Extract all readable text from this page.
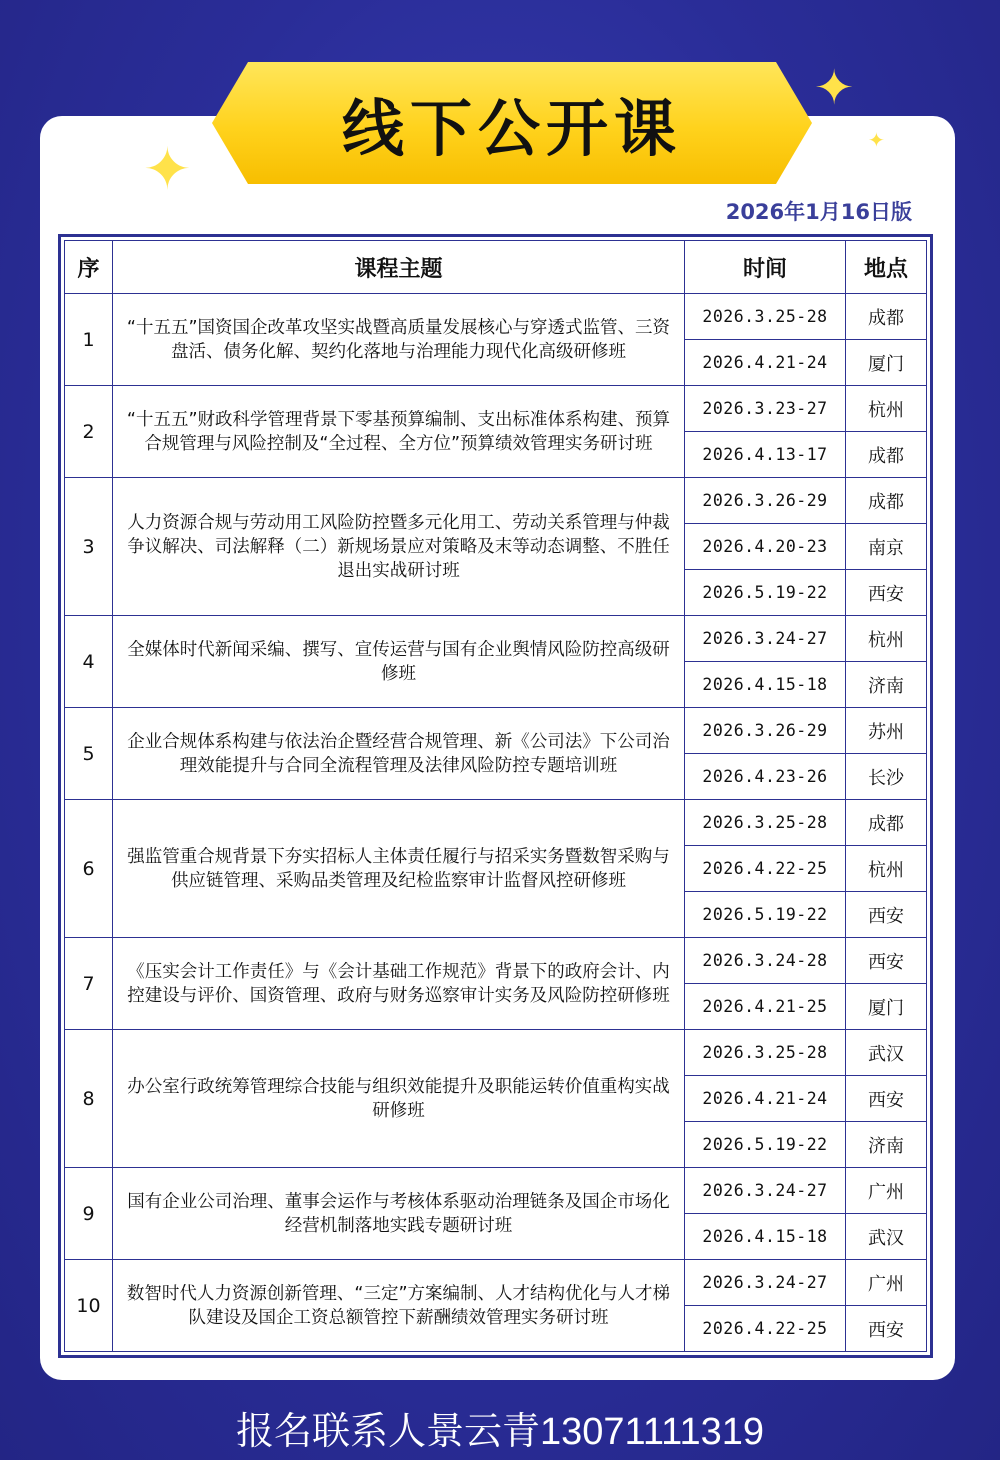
线下公开课
✦
✦
✦
2026年1月16日版
序	课程主题	时间	地点
1	“十五五”国资国企改革攻坚实战暨高质量发展核心与穿透式监管、三资盘活、债务化解、契约化落地与治理能力现代化高级研修班	2026.3.25-28	成都
		2026.4.21-24	厦门
2	“十五五”财政科学管理背景下零基预算编制、支出标准体系构建、预算合规管理与风险控制及“全过程、全方位”预算绩效管理实务研讨班	2026.3.23-27	杭州
		2026.4.13-17	成都
3	人力资源合规与劳动用工风险防控暨多元化用工、劳动关系管理与仲裁争议解决、司法解释（二）新规场景应对策略及末等动态调整、不胜任退出实战研讨班	2026.3.26-29	成都
		2026.4.20-23	南京
		2026.5.19-22	西安
4	全媒体时代新闻采编、撰写、宣传运营与国有企业舆情风险防控高级研修班	2026.3.24-27	杭州
		2026.4.15-18	济南
5	企业合规体系构建与依法治企暨经营合规管理、新《公司法》下公司治理效能提升与合同全流程管理及法律风险防控专题培训班	2026.3.26-29	苏州
		2026.4.23-26	长沙
6	强监管重合规背景下夯实招标人主体责任履行与招采实务暨数智采购与供应链管理、采购品类管理及纪检监察审计监督风控研修班	2026.3.25-28	成都
		2026.4.22-25	杭州
		2026.5.19-22	西安
7	《压实会计工作责任》与《会计基础工作规范》背景下的政府会计、内控建设与评价、国资管理、政府与财务巡察审计实务及风险防控研修班	2026.3.24-28	西安
		2026.4.21-25	厦门
8	办公室行政统筹管理综合技能与组织效能提升及职能运转价值重构实战研修班	2026.3.25-28	武汉
		2026.4.21-24	西安
		2026.5.19-22	济南
9	国有企业公司治理、董事会运作与考核体系驱动治理链条及国企市场化经营机制落地实践专题研讨班	2026.3.24-27	广州
		2026.4.15-18	武汉
10	数智时代人力资源创新管理、“三定”方案编制、人才结构优化与人才梯队建设及国企工资总额管控下薪酬绩效管理实务研讨班	2026.3.24-27	广州
		2026.4.22-25	西安
报名联系人景云青13071111319
